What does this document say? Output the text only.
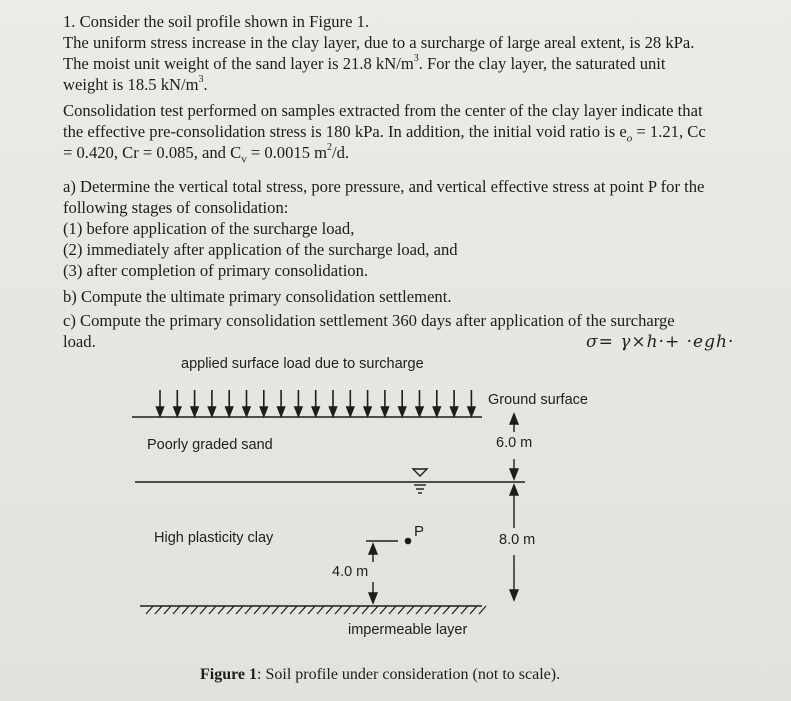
1. Consider the soil profile shown in Figure 1.

The uniform stress increase in the clay layer, due to a surcharge of large areal extent, is 28 kPa.
The moist unit weight of the sand layer is 21.8 $kN/m^3$. For the clay layer, the saturated unit
weight is 18.5 $kN/m^3$.

Consolidation test performed on samples extracted from the center of the clay layer indicate that
the effective pre-consolidation stress is 180 kPa. In addition, the initial void ratio is $e_o = 1.21$, Cc
= 0.420, Cr = 0.085, and $C_v = 0.0015$ $m^2/d$.

a) Determine the vertical total stress, pore pressure, and vertical effective stress at point P for the
following stages of consolidation:
(1) before application of the surcharge load,
(2) immediately after application of the surcharge load, and
(3) after completion of primary consolidation.

b) Compute the ultimate primary consolidation settlement.

c) Compute the primary consolidation settlement 360 days after application of the surcharge
load.	σ= γ×h·+ ·egh·
applied surface load due to surcharge
Ground surface
Poorly graded sand	6.0 m
High plasticity clay	P	8.0 m
4.0 m
impermeable layer
Figure 1: Soil profile under consideration (not to scale).
